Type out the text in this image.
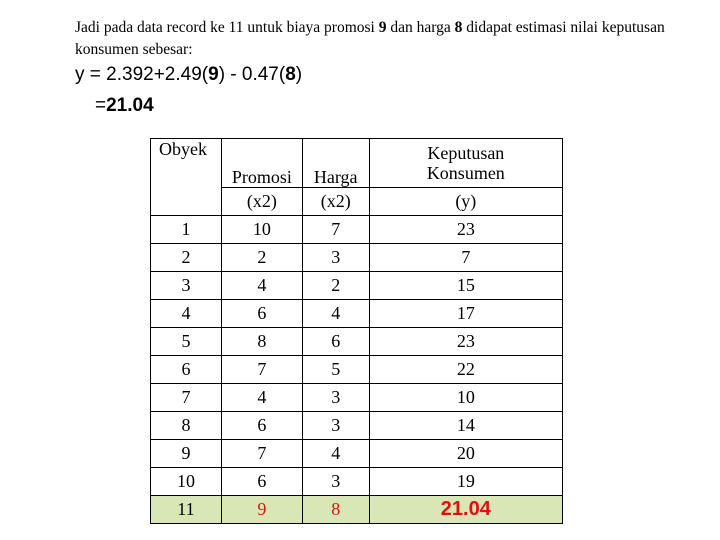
Jadi pada data record ke 11 untuk biaya promosi 9 dan harga 8 didapat estimasi nilai keputusan konsumen sebesar:
y = 2.392+2.49(9) - 0.47(8)
=21.04
Obyek	Promosi	Harga	Keputusan
Konsumen
	(x2)	(x2)	(y)
1	10	7	23
2	2	3	7
3	4	2	15
4	6	4	17
5	8	6	23
6	7	5	22
7	4	3	10
8	6	3	14
9	7	4	20
10	6	3	19
11	9	8	21.04
